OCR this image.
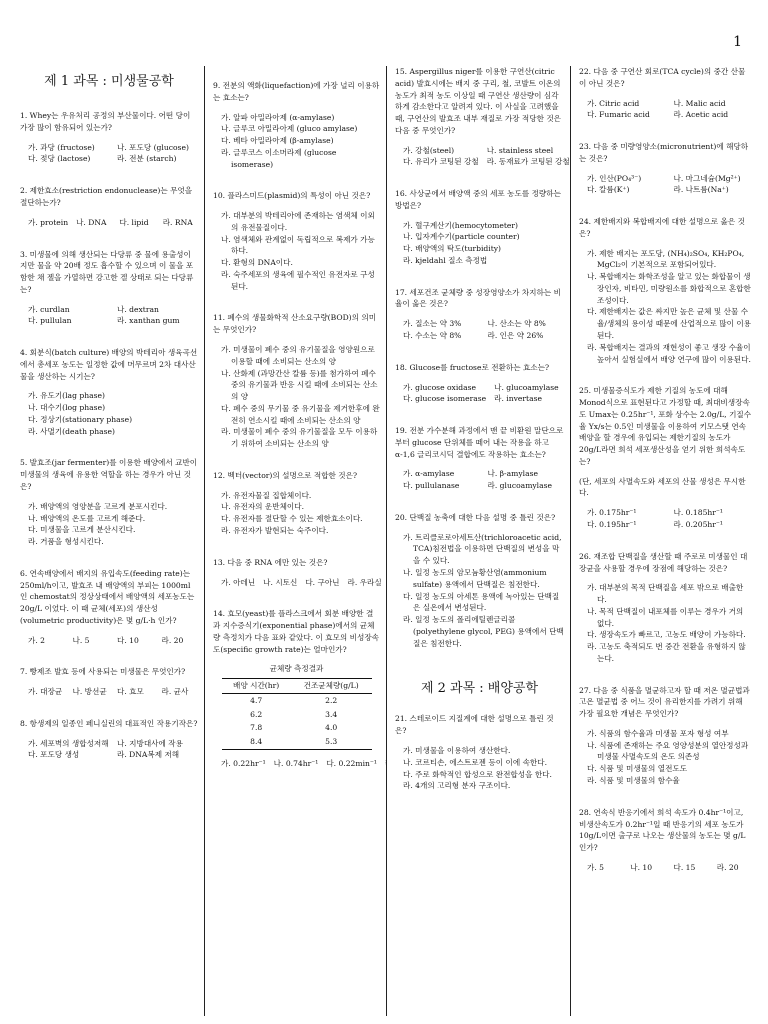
1
제 1 과목 : 미생물공학
1. Whey는 우유처리 공정의 부산물이다. 어떤 당이 가장 많이 함유되어 있는가?
가. 과당 (fructose)	나. 포도당 (glucose)
다. 젖당 (lactose)	라. 전분 (starch)
2. 제한효소(restriction endonuclease)는 무엇을 절단하는가?
가. protein 나. DNA	다. lipid	라. RNA
3. 미생물에 의해 생산되는 다당류 중 물에 용출성이지만 물을 약 20배 정도 흡수할 수 있으며 이 물을 포함한 채 젤을 가열하면 강고한 겔 상태로 되는 다당류는?
가. curdlan	나. dextran
다. pullulan	라. xanthan gum
4. 회분식(batch culture) 배양의 박테리아 생육곡선에서 총세포 농도는 일정한 값에 머무르며 2차 대사산물을 생산하는 시기는?
가. 유도기(lag phase)
나. 대수기(log phase)
다. 정상기(stationary phase)
라. 사멸기(death phase)
5. 발효조(jar fermenter)를 이용한 배양에서 교반이 미생물의 생육에 유용한 역할을 하는 경우가 아닌 것은?
가. 배양액의 영양분을 고르게 분포시킨다.
나. 배양액의 온도를 고르게 해준다.
다. 미생물을 고르게 분산시킨다.
라. 거품을 형성시킨다.
6. 연속배양에서 배지의 유입속도(feeding rate)는 250ml/h이고, 발효조 내 배양액의 부피는 1000ml 인 chemostat의 정상상태에서 배양액의 세포농도는 20g/L 이었다. 이 때 균체(세포)의 생산성 (volumetric productivity)은 몇 g/L·h 인가?
가. 2	나. 5	다. 10	라. 20
7. 빵제조 발효 등에 사용되는 미생물은 무엇인가?
가. 대장균	나. 방선균	다. 효모	라. 균사
8. 항생제의 일종인 페니실린의 대표적인 작용기작은?
가. 세포벽의 생합성저해 나. 지방대사에 작용
다. 포도당 생성	라. DNA복제 저해
9. 전분의 액화(liquefaction)에 가장 널리 이용하는 효소는?
가. 알파 아밀라아제 (α-amylase)
나. 글루코 아밀라아제 (gluco amylase)
다. 베타 아밀라아제 (β-amylase)
라. 글루코스 이소머라제 (glucose isomerase)
10. 플라스미드(plasmid)의 특성이 아닌 것은?
가. 대부분의 박테리아에 존재하는 염색체 이외의 유전물질이다.
나. 염색체와 관계없이 독립적으로 복제가 가능하다.
다. 환형의 DNA이다.
라. 숙주세포의 생육에 필수적인 유전자로 구성된다.
11. 폐수의 생물화학적 산소요구량(BOD)의 의미는 무엇인가?
가. 미생물이 폐수 중의 유기물질을 영양원으로 이용할 때에 소비되는 산소의 양
나. 산화제 (과망간산 칼륨 등)를 첨가하여 폐수 중의 유기물과 반응 시킬 때에 소비되는 산소의 양
다. 폐수 중의 무기물 중 유기물을 제거한후에 완전히 연소시킬 때에 소비되는 산소의 양
라. 미생물이 폐수 중의 유기물질을 모두 이용하기 위하여 소비되는 산소의 양
12. 벡터(vector)의 설명으로 적합한 것은?
가. 유전자물질 집합체이다.
나. 유전자의 운반체이다.
다. 유전자를 절단할 수 있는 제한효소이다.
라. 유전자가 발현되는 숙주이다.
13. 다음 중 RNA 에만 있는 것은?
가. 아데닌 나. 시토신 다. 구아닌 라. 우라실
14. 효모(yeast)를 플라스크에서 회분 배양한 결과 지수증식기(exponential phase)에서의 균체량 측정치가 다음 표와 같았다. 이 효모의 비성장속도(specific growth rate)는 얼마인가?
균체량 측정결과
배양 시간(hr)	건조균체량(g/L)
4.7	2.2
6.2	3.4
7.8	4.0
8.4	5.3
가. 0.22hr⁻¹ 나. 0.74hr⁻¹ 다. 0.22min⁻¹
15. Aspergillus niger를 이용한 구연산(citric acid) 발효시에는 배지 중 구리, 철, 코발트 이온의 농도가 최적 농도 이상일 때 구연산 생산량이 심각하게 감소한다고 알려져 있다. 이 사실을 고려했을 때, 구연산의 발효조 내부 재질로 가장 적당한 것은 다음 중 무엇인가?
가. 강철(steel)	나. stainless steel
다. 유리가 코팅된 강철 라. 동재료가 코팅된 강철
16. 사상균에서 배양액 중의 세포 농도를 정량하는 방법은?
가. 혈구계산기(hemocytometer)
나. 입자계수기(particle counter)
다. 배양액의 탁도(turbidity)
라. kjeldahl 질소 측정법
17. 세포건조 균체량 중 성장영양소가 차지하는 비율이 옳은 것은?
가. 질소는 약 3%	나. 산소는 약 8%
다. 수소는 약 8%	라. 인은 약 26%
18. Glucose를 fructose로 전환하는 효소는?
가. glucose oxidase	나. glucoamylase
다. glucose isomerase 라. invertase
19. 전분 가수분해 과정에서 맨 끝 비환원 말단으로부터 glucose 단위체를 떼어 내는 작용을 하고 α-1,6 글리코시딕 결합에도 작용하는 효소는?
가. α-amylase	나. β-amylase
다. pullulanase	라. glucoamylase
20. 단백질 농축에 대한 다음 설명 중 틀린 것은?
가. 트리클로로아세트산(trichloroacetic acid, TCA)침전법을 이용하면 단백질의 변성을 막을 수 있다.
나. 일정 농도의 암모늄황산염(ammonium sulfate) 용액에서 단백질은 침전한다.
다. 일정 농도의 아세톤 용액에 녹아있는 단백질은 실온에서 변성된다.
라. 일정 농도의 폴리에틸렌글리콜(polyethylene glycol, PEG) 용액에서 단백질은 침전한다.
제 2 과목 : 배양공학
21. 스테로이드 지질계에 대한 설명으로 틀린 것은?
가. 미생물을 이용하여 생산한다.
나. 코르티손, 에스트로젠 등이 이에 속한다.
다. 주로 화학적인 합성으로 완전합성을 한다.
라. 4개의 고리형 분자 구조이다.
22. 다음 중 구연산 회로(TCA cycle)의 중간 산물이 아닌 것은?
가. Citric acid	나. Malic acid
다. Fumaric acid	라. Acetic acid
23. 다음 중 미량영양소(micronutrient)에 해당하는 것은?
가. 인산(PO₄³⁻)	나. 마그네슘(Mg²⁺)
다. 칼륨(K⁺)	라. 나트륨(Na⁺)
24. 제한배지와 복합배지에 대한 설명으로 옳은 것은?
가. 제한 배지는 포도당, (NH₄)₂SO₄, KH₂PO₄, MgCl₂이 기본적으로 포함되어있다.
나. 복합배지는 화학조성을 알고 있는 화합물이 생장인자, 비타민, 미량원소를 화합적으로 혼합한 조성이다.
다. 제한배지는 값은 싸지만 높은 균체 및 산물 수율/생체의 용이성 때문에 산업적으로 많이 이용된다.
라. 복합배지는 결과의 재현성이 좋고 생장 수율이 높아서 실험실에서 배양 연구에 많이 이용된다.
25. 미생물증식도가 제한 기질의 농도에 대해 Monod식으로 표현된다고 가정할 때, 최대비생장속도 Umax는 0.25hr⁻¹, 포화 상수는 2.0g/L, 기질수율 Yx/s는 0.5인 미생물을 이용하여 키모스탯 연속배양을 할 경우에 유입되는 제한기질의 농도가 20g/L라면 희석 세포생산성을 얻기 위한 희석속도는?
(단, 세포의 사멸속도와 세포의 산물 생성은 무시한다.
가. 0.175hr⁻¹	나. 0.185hr⁻¹
다. 0.195hr⁻¹	라. 0.205hr⁻¹
26. 재조합 단백질을 생산할 때 주로로 미생물인 대장균을 사용할 경우에 장점에 해당하는 것은?
가. 대부분의 목적 단백질을 세포 밖으로 배출한다.
나. 목적 단백질이 내포체를 이루는 경우가 거의 없다.
다. 생장속도가 빠르고, 고농도 배양이 가능하다.
라. 고농도 축적되도 번 중간 전환을 유형하지 않는다.
27. 다음 중 식품을 멸균하고자 할 때 저온 멸균법과 고온 멸균법 중 어느 것이 유리한지를 가려기 위해 가장 필요한 개념은 무엇인가?
가. 식품의 함수율과 미생물 포자 형성 여부
나. 식품에 존재하는 주요 영양성분의 열안정성과 미생물 사멸속도의 온도 의존성
다. 식품 및 미생물의 열전도도
라. 식품 및 미생물의 함수율
28. 연속식 반응기에서 희석 속도가 0.4hr⁻¹이고, 비생산속도가 0.2hr⁻¹일 때 반응기의 세포 농도가 10g/L이면 출구로 나오는 생산물의 농도는 몇 g/L인가?
가. 5	나. 10	다. 15	라. 20
